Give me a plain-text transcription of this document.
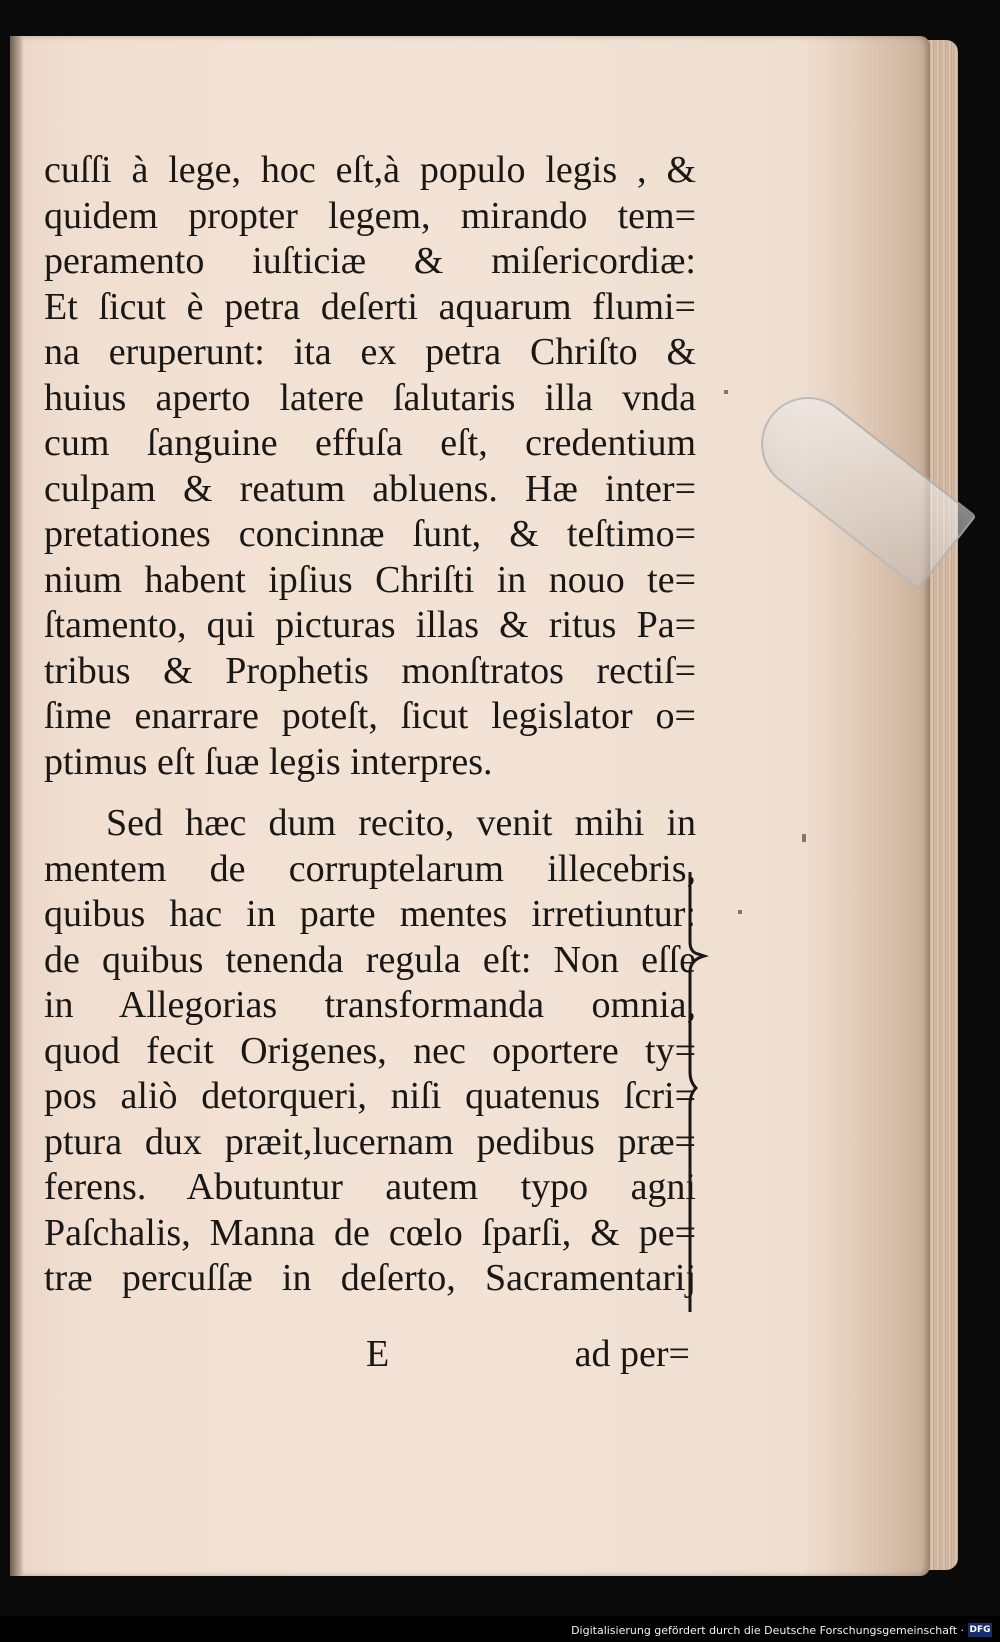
cuſſi à lege, hoc eſt,à populo legis , &
quidem propter legem, mirando tem=
peramento iuſticiæ & miſericordiæ:
Et ſicut è petra deſerti aquarum flumi=
na eruperunt: ita ex petra Chriſto &
huius aperto latere ſalutaris illa vnda
cum ſanguine effuſa eſt, credentium
culpam & reatum abluens. Hæ inter=
pretationes concinnæ ſunt, & teſtimo=
nium habent ipſius Chriſti in nouo te=
ſtamento, qui picturas illas & ritus Pa=
tribus & Prophetis monſtratos rectiſ=
ſime enarrare poteſt, ſicut legislator o=
ptimus eſt ſuæ legis interpres.
Sed hæc dum recito, venit mihi in
mentem de corruptelarum illecebris,
quibus hac in parte mentes irretiuntur:
de quibus tenenda regula eſt: Non eſſe
in Allegorias transformanda omnia,
quod fecit Origenes, nec oportere ty=
pos aliò detorqueri, niſi quatenus ſcri=
ptura dux præit,lucernam pedibus præ=
ferens. Abutuntur autem typo agni
Paſchalis, Manna de cœlo ſparſi, & pe=
træ percuſſæ in deſerto, Sacramentarij
E	ad per=
Digitalisierung gefördert durch die Deutsche Forschungsgemeinschaft · DFG
